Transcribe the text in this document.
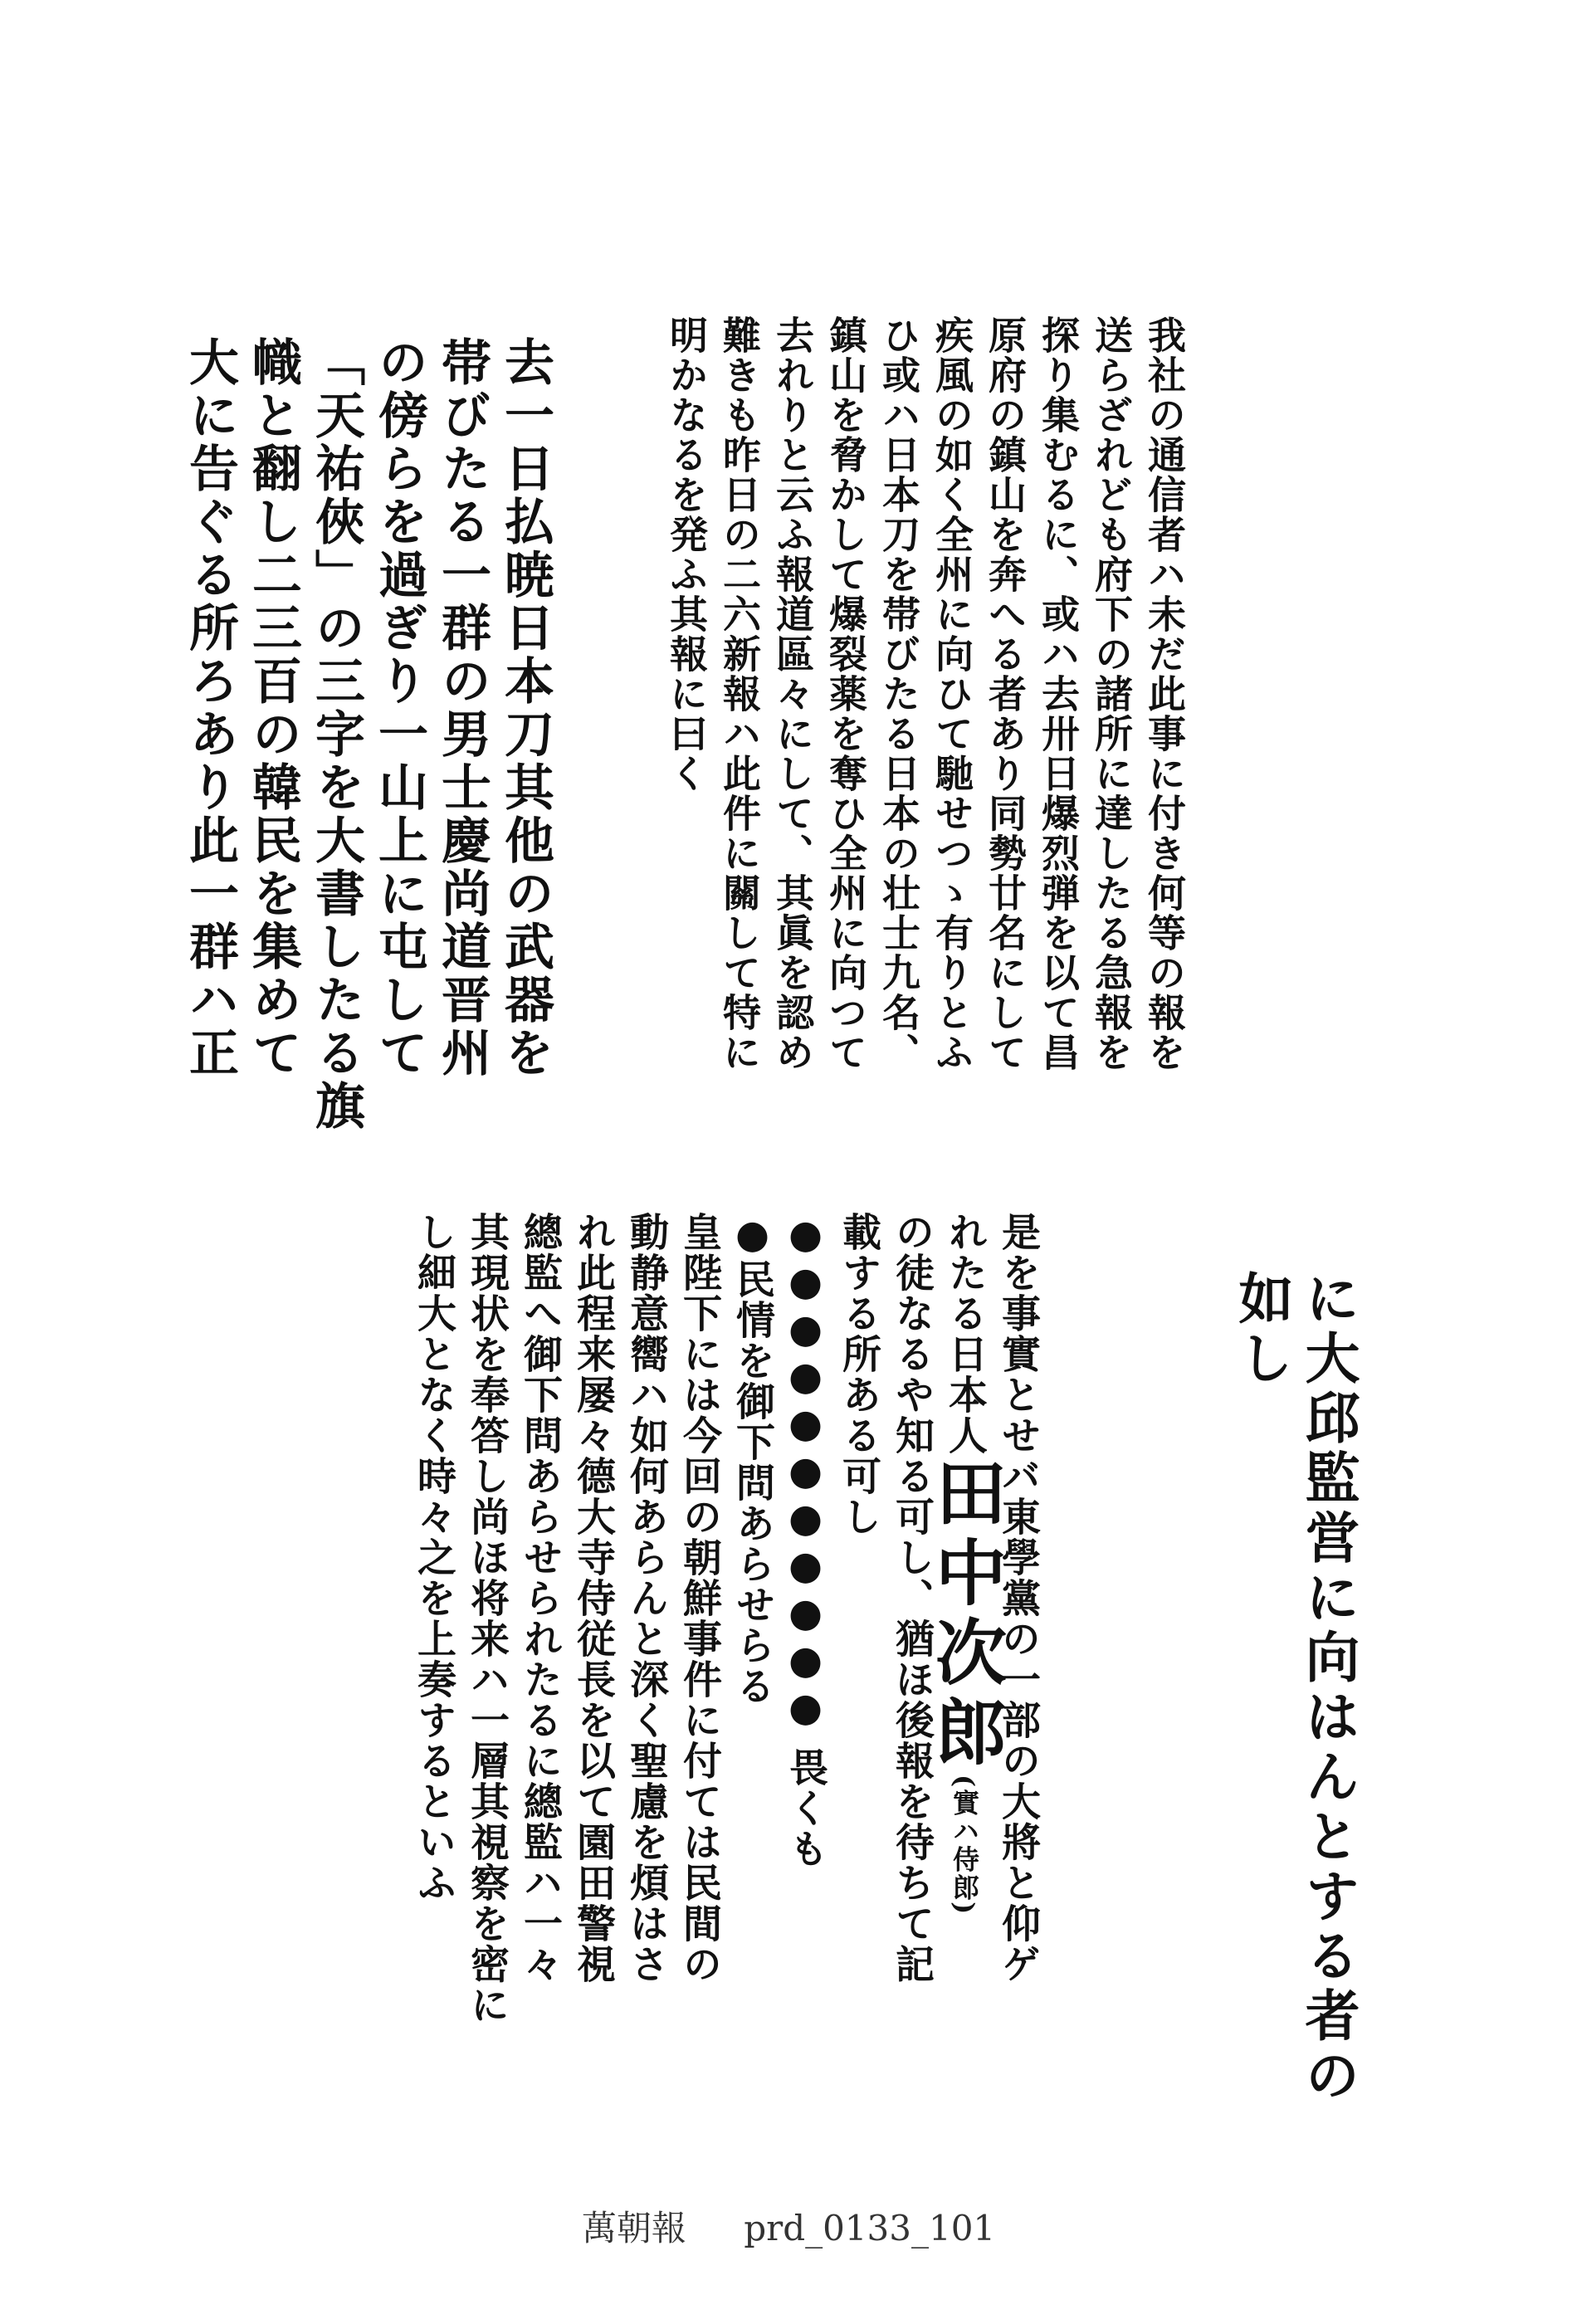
我社の通信者ハ未だ此事に付き何等の報を
送らざれども府下の諸所に達したる急報を
探り集むるに、或ハ去卅日爆烈弾を以て昌
原府の鎮山を奔へる者あり同勢廿名にして
疾風の如く全州に向ひて馳せつゝ有りとふ
ひ或ハ日本刀を帯びたる日本の壮士九名、
鎮山を脅かして爆裂薬を奪ひ全州に向つて
去れりと云ふ報道區々にして、其眞を認め
難きも昨日の二六新報ハ此件に關して特に
明かなるを発ふ其報に曰く
去一日払暁日本刀其他の武器を
帯びたる一群の男士慶尚道晋州
の傍らを過ぎり一山上に屯して
「天祐俠」の三字を大書したる旗
幟と翻し二三百の韓民を集めて
大に告ぐる所ろあり此一群ハ正
に大邱監営に向はんとする者の
如し
是を事實とせバ東學黨の一部の大將と仰ゲ
れたる日本人田中次郎(實ハ侍郎)
の徒なるや知る可し、猶ほ後報を待ちて記
載する所ある可し
●●●●●●●●●●● 畏くも
●民情を御下問あらせらる
皇陛下には今回の朝鮮事件に付ては民間の
動静意嚮ハ如何あらんと深く聖慮を煩はさ
れ此程来屡々德大寺侍従長を以て園田警視
總監へ御下問あらせられたるに總監ハ一々
其現状を奉答し尚ほ将来ハ一層其視察を密に
し細大となく時々之を上奏するといふ
萬朝報 prd_0133_101
